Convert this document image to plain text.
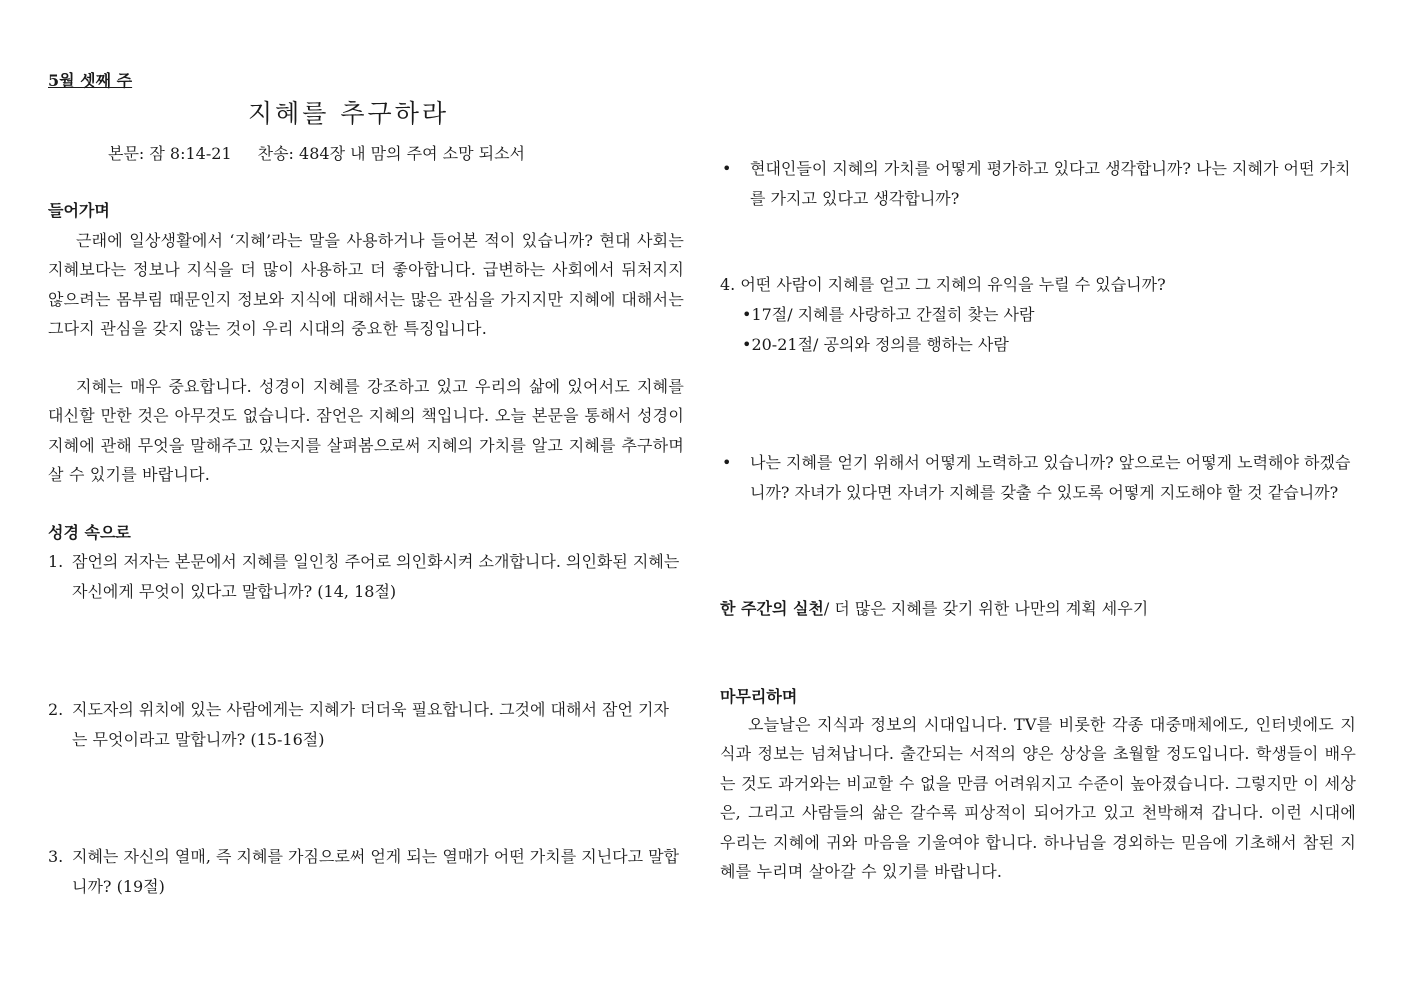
5월 셋째 주
지혜를 추구하라
본문: 잠 8:14-21 찬송: 484장 내 맘의 주여 소망 되소서
들어가며
근래에 일상생활에서 ‘지혜’라는 말을 사용하거나 들어본 적이 있습니까? 현대 사회는 지혜보다는 정보나 지식을 더 많이 사용하고 더 좋아합니다. 급변하는 사회에서 뒤처지지 않으려는 몸부림 때문인지 정보와 지식에 대해서는 많은 관심을 가지지만 지혜에 대해서는 그다지 관심을 갖지 않는 것이 우리 시대의 중요한 특징입니다.
지혜는 매우 중요합니다. 성경이 지혜를 강조하고 있고 우리의 삶에 있어서도 지혜를 대신할 만한 것은 아무것도 없습니다. 잠언은 지혜의 책입니다. 오늘 본문을 통해서 성경이 지혜에 관해 무엇을 말해주고 있는지를 살펴봄으로써 지혜의 가치를 알고 지혜를 추구하며 살 수 있기를 바랍니다.
성경 속으로
1. 잠언의 저자는 본문에서 지혜를 일인칭 주어로 의인화시켜 소개합니다. 의인화된 지혜는 자신에게 무엇이 있다고 말합니까? (14, 18절)
2. 지도자의 위치에 있는 사람에게는 지혜가 더더욱 필요합니다. 그것에 대해서 잠언 기자는 무엇이라고 말합니까? (15-16절)
3. 지혜는 자신의 열매, 즉 지혜를 가짐으로써 얻게 되는 열매가 어떤 가치를 지닌다고 말합니까? (19절)
• 현대인들이 지혜의 가치를 어떻게 평가하고 있다고 생각합니까? 나는 지혜가 어떤 가치를 가지고 있다고 생각합니까?
4. 어떤 사람이 지혜를 얻고 그 지혜의 유익을 누릴 수 있습니까?
•17절/ 지혜를 사랑하고 간절히 찾는 사람
•20-21절/ 공의와 정의를 행하는 사람
• 나는 지혜를 얻기 위해서 어떻게 노력하고 있습니까? 앞으로는 어떻게 노력해야 하겠습니까? 자녀가 있다면 자녀가 지혜를 갖출 수 있도록 어떻게 지도해야 할 것 같습니까?
한 주간의 실천/ 더 많은 지혜를 갖기 위한 나만의 계획 세우기
마무리하며
오늘날은 지식과 정보의 시대입니다. TV를 비롯한 각종 대중매체에도, 인터넷에도 지식과 정보는 넘쳐납니다. 출간되는 서적의 양은 상상을 초월할 정도입니다. 학생들이 배우는 것도 과거와는 비교할 수 없을 만큼 어려워지고 수준이 높아졌습니다. 그렇지만 이 세상은, 그리고 사람들의 삶은 갈수록 피상적이 되어가고 있고 천박해져 갑니다. 이런 시대에 우리는 지혜에 귀와 마음을 기울여야 합니다. 하나님을 경외하는 믿음에 기초해서 참된 지혜를 누리며 살아갈 수 있기를 바랍니다.
